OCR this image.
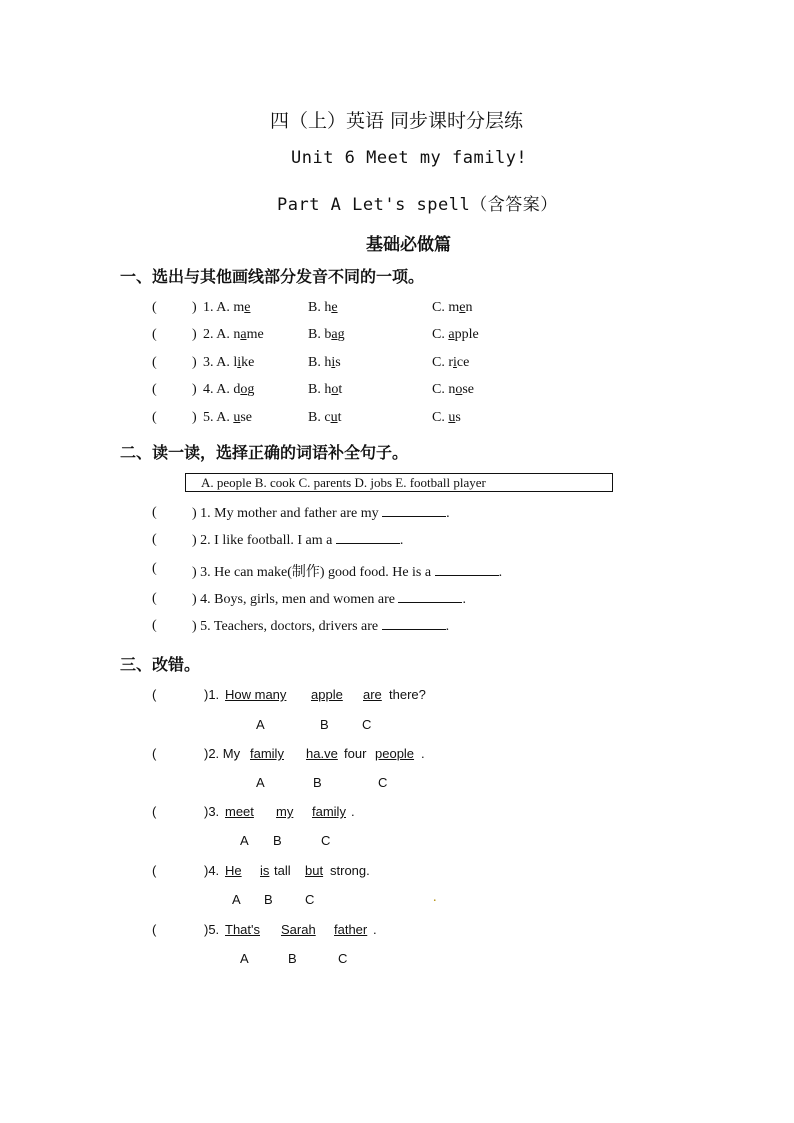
四（上）英语 同步课时分层练
Unit 6 Meet my family!
Part A Let's spell（含答案）
基础必做篇
一、选出与其他画线部分发音不同的一项。
(	) 1. A. me	B. he	C. men
(	) 2. A. name	B. bag	C. apple
(	) 3. A. like	B. his	C. rice
(	) 4. A. dog	B. hot	C. nose
(	) 5. A. use	B. cut	C. us
二、读一读，选择正确的词语补全句子。
A. people B. cook C. parents D. jobs E. football player
(	) 1. My mother and father are my	.
(	) 2. I like football. I am a	.
(	) 3. He can make(制作) good food. He is a	.
(	) 4. Boys, girls, men and women are	.
(	) 5. Teachers, doctors, drivers are	.
三、改错。
(	)1. How many apple are there?
A	B	C
(	)2. My family ha.ve four people .
A	B	C
(	)3. meet my family .
A B	C
(	)4. He is tall but strong.
A B C
(	)5. That's Sarah father .
A	B	C
.
